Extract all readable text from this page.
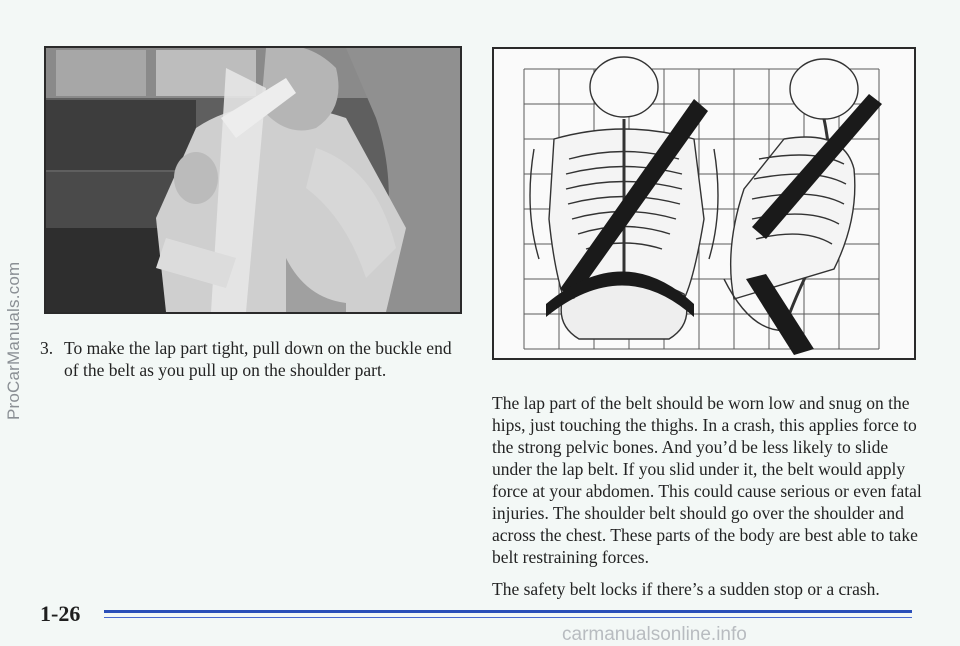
3. To make the lap part tight, pull down on the buckle end of the belt as you pull up on the shoulder part.

The lap part of the belt should be worn low and snug on the hips, just touching the thighs. In a crash, this applies force to the strong pelvic bones. And you’d be less likely to slide under the lap belt. If you slid under it, the belt would apply force at your abdomen. This could cause serious or even fatal injuries. The shoulder belt should go over the shoulder and across the chest. These parts of the body are best able to take belt restraining forces.

The safety belt locks if there’s a sudden stop or a crash.

1-26
ProCarManuals.com
carmanualsonline.info
